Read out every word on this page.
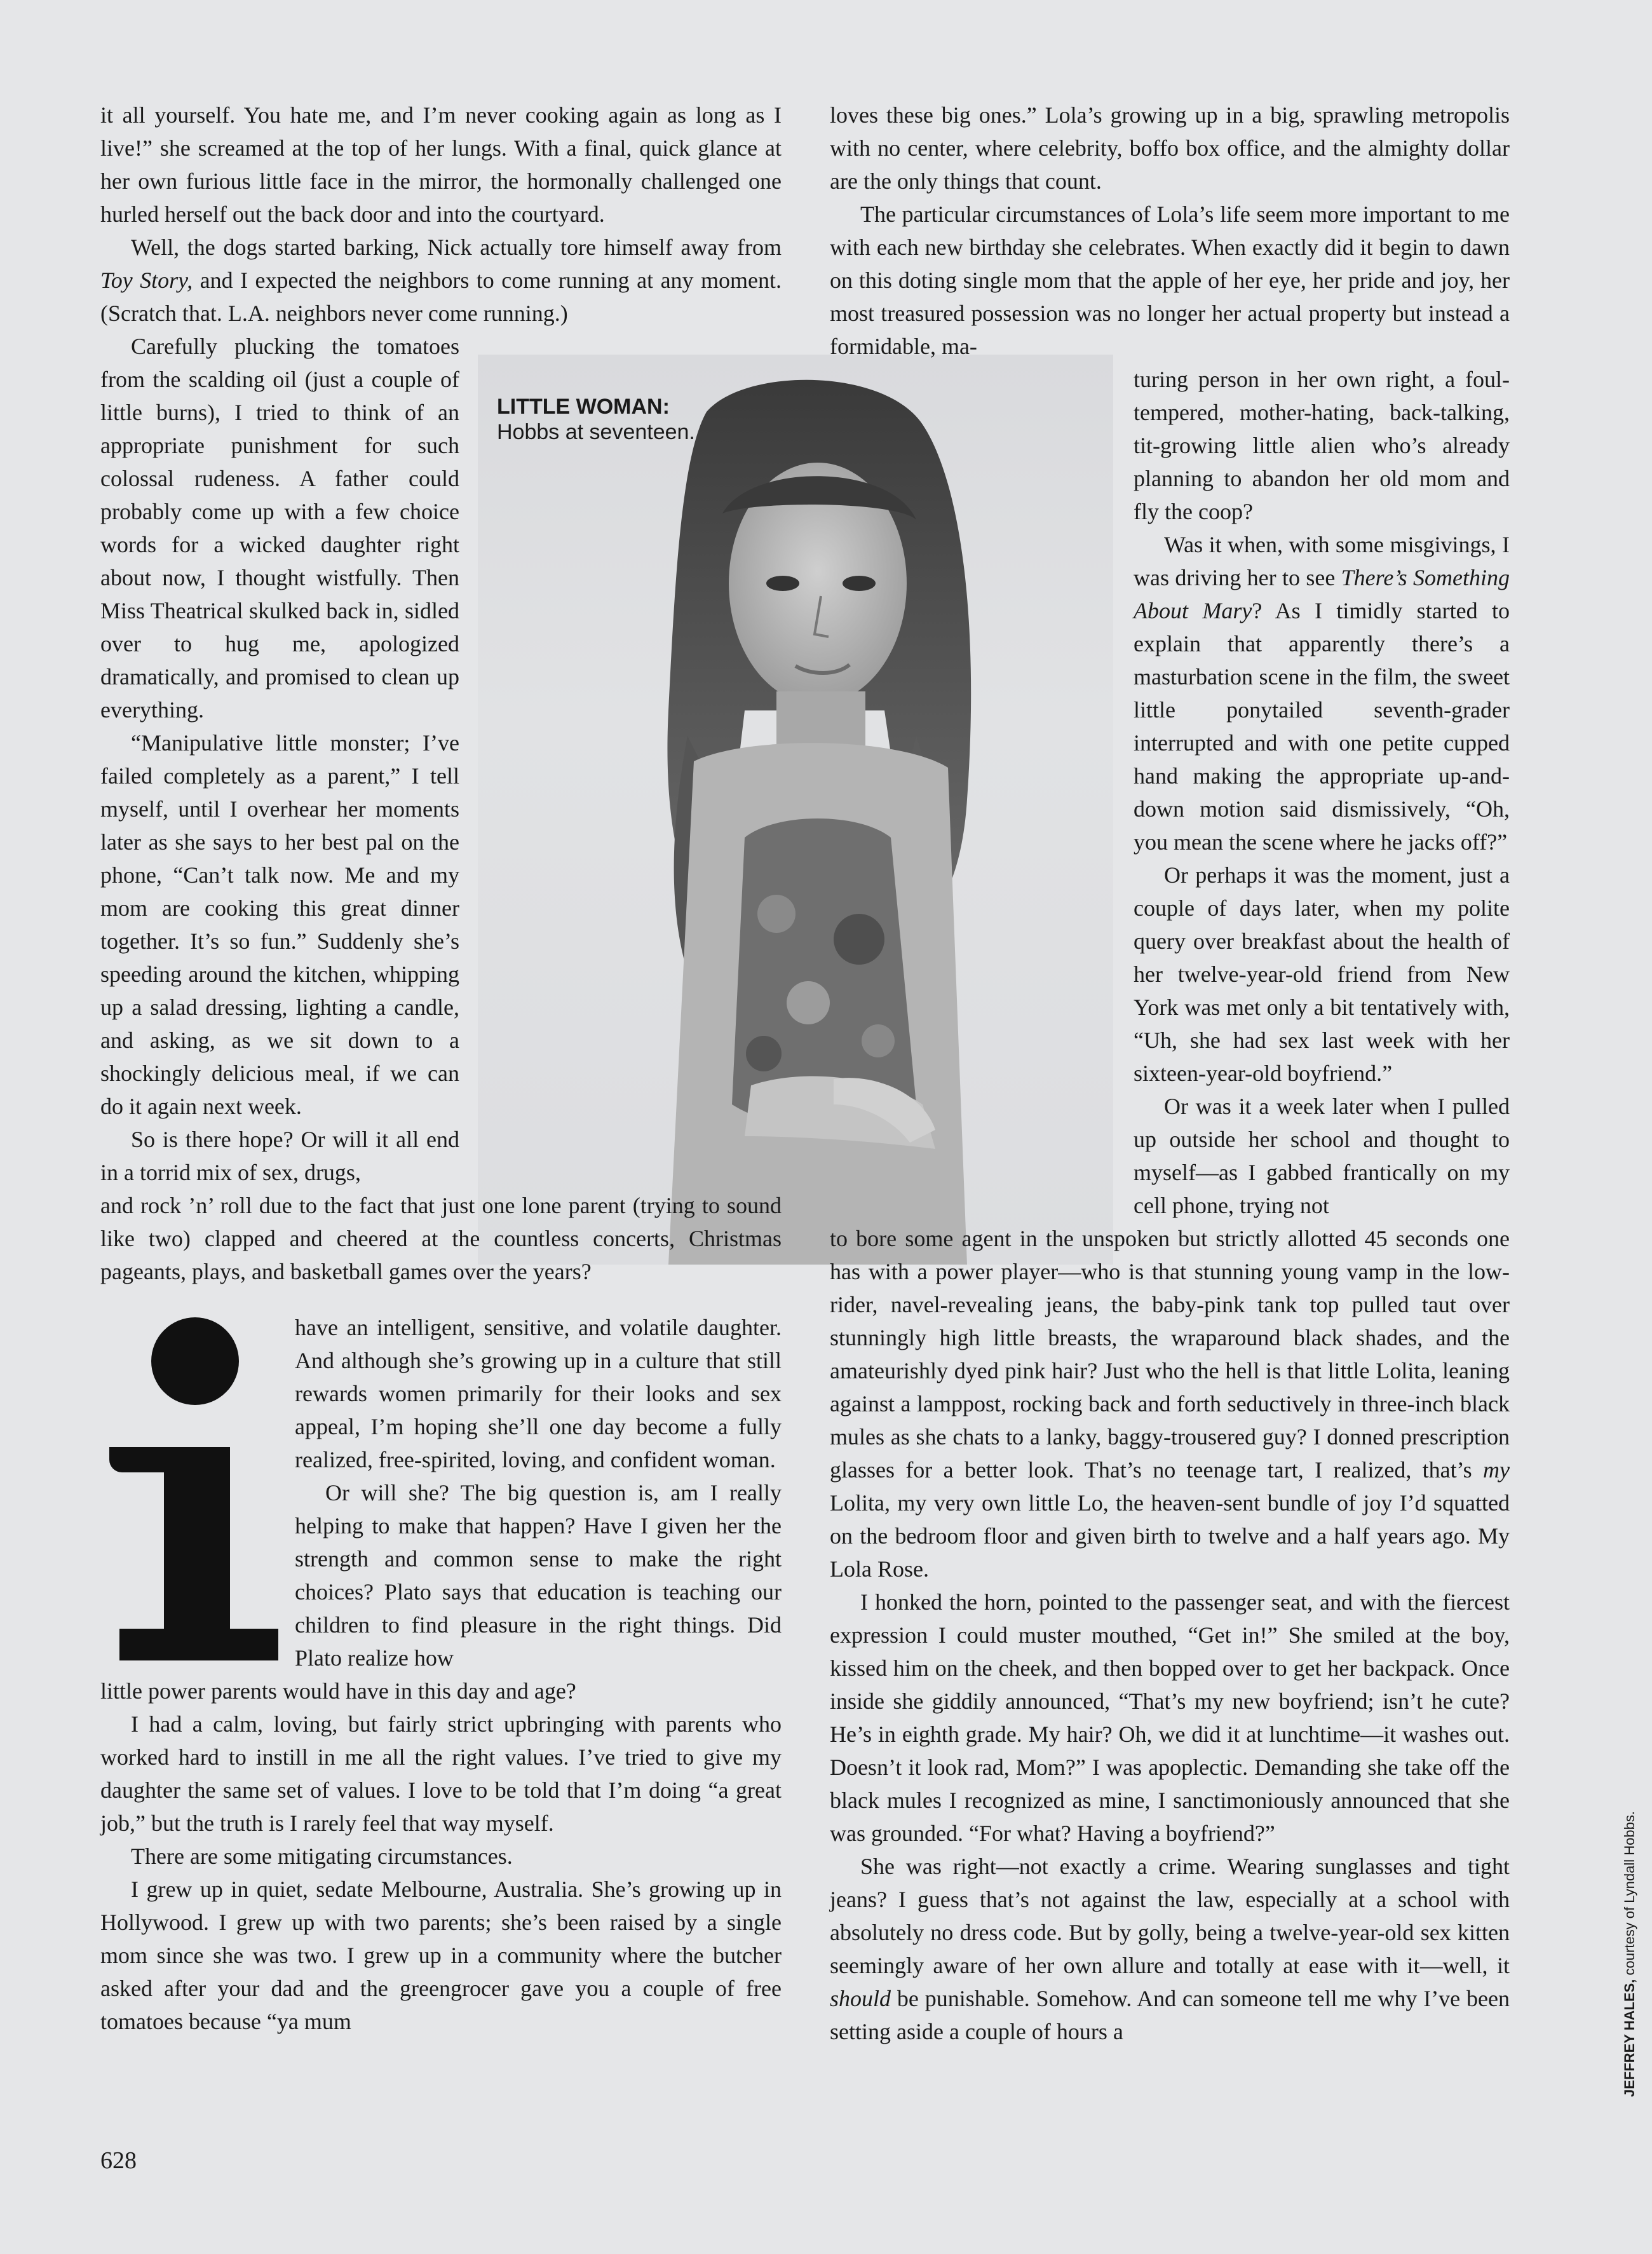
LITTLE WOMAN:
Hobbs at seventeen.

it all yourself. You hate me, and I’m never cooking again as long as I live!” she screamed at the top of her lungs. With a final, quick glance at her own furious little face in the mirror, the hormonally challenged one hurled herself out the back door and into the courtyard.

Well, the dogs started barking, Nick actually tore himself away from Toy Story, and I expected the neighbors to come running at any moment. (Scratch that. L.A. neighbors never come running.)

Carefully plucking the tomatoes from the scalding oil (just a couple of little burns), I tried to think of an appropriate punishment for such colossal rudeness. A father could probably come up with a few choice words for a wicked daughter right about now, I thought wistfully. Then Miss Theatrical skulked back in, sidled over to hug me, apologized dramatically, and promised to clean up everything.

“Manipulative little monster; I’ve failed completely as a parent,” I tell myself, until I overhear her moments later as she says to her best pal on the phone, “Can’t talk now. Me and my mom are cooking this great dinner together. It’s so fun.” Suddenly she’s speeding around the kitchen, whipping up a salad dressing, lighting a candle, and asking, as we sit down to a shockingly delicious meal, if we can do it again next week.

So is there hope? Or will it all end in a torrid mix of sex, drugs,

and rock ’n’ roll due to the fact that just one lone parent (trying to sound like two) clapped and cheered at the countless concerts, Christmas pageants, plays, and basketball games over the years?

have an intelligent, sensitive, and volatile daughter. And although she’s growing up in a culture that still rewards women primarily for their looks and sex appeal, I’m hoping she’ll one day become a fully realized, free-spirited, loving, and confident woman.

Or will she? The big question is, am I really helping to make that happen? Have I given her the strength and common sense to make the right choices? Plato says that education is teaching our children to find pleasure in the right things. Did Plato realize how

little power parents would have in this day and age?

I had a calm, loving, but fairly strict upbringing with parents who worked hard to instill in me all the right values. I’ve tried to give my daughter the same set of values. I love to be told that I’m doing “a great job,” but the truth is I rarely feel that way myself.

There are some mitigating circumstances.

I grew up in quiet, sedate Melbourne, Australia. She’s growing up in Hollywood. I grew up with two parents; she’s been raised by a single mom since she was two. I grew up in a community where the butcher asked after your dad and the greengrocer gave you a couple of free tomatoes because “ya mum

loves these big ones.” Lola’s growing up in a big, sprawling metropolis with no center, where celebrity, boffo box office, and the almighty dollar are the only things that count.

The particular circumstances of Lola’s life seem more important to me with each new birthday she celebrates. When exactly did it begin to dawn on this doting single mom that the apple of her eye, her pride and joy, her most treasured possession was no longer her actual property but instead a formidable, ma-

turing person in her own right, a foul-tempered, mother-hating, back-talking, tit-growing little alien who’s already planning to abandon her old mom and fly the coop?

Was it when, with some misgivings, I was driving her to see There’s Something About Mary? As I timidly started to explain that apparently there’s a masturbation scene in the film, the sweet little ponytailed seventh-grader interrupted and with one petite cupped hand making the appropriate up-and-down motion said dismissively, “Oh, you mean the scene where he jacks off?”

Or perhaps it was the moment, just a couple of days later, when my polite query over breakfast about the health of her twelve-year-old friend from New York was met only a bit tentatively with, “Uh, she had sex last week with her sixteen-year-old boyfriend.”

Or was it a week later when I pulled up outside her school and thought to myself—as I gabbed frantically on my cell phone, trying not

to bore some agent in the unspoken but strictly allotted 45 seconds one has with a power player—who is that stunning young vamp in the low-rider, navel-revealing jeans, the baby-pink tank top pulled taut over stunningly high little breasts, the wraparound black shades, and the amateurishly dyed pink hair? Just who the hell is that little Lolita, leaning against a lamppost, rocking back and forth seductively in three-inch black mules as she chats to a lanky, baggy-trousered guy? I donned prescription glasses for a better look. That’s no teenage tart, I realized, that’s my Lolita, my very own little Lo, the heaven-sent bundle of joy I’d squatted on the bedroom floor and given birth to twelve and a half years ago. My Lola Rose.

I honked the horn, pointed to the passenger seat, and with the fiercest expression I could muster mouthed, “Get in!” She smiled at the boy, kissed him on the cheek, and then bopped over to get her backpack. Once inside she giddily announced, “That’s my new boyfriend; isn’t he cute? He’s in eighth grade. My hair? Oh, we did it at lunchtime—it washes out. Doesn’t it look rad, Mom?” I was apoplectic. Demanding she take off the black mules I recognized as mine, I sanctimoniously announced that she was grounded. “For what? Having a boyfriend?”

She was right—not exactly a crime. Wearing sunglasses and tight jeans? I guess that’s not against the law, especially at a school with absolutely no dress code. But by golly, being a twelve-year-old sex kitten seemingly aware of her own allure and totally at ease with it—well, it should be punishable. Somehow. And can someone tell me why I’ve been setting aside a couple of hours a

628
JEFFREY HALES, courtesy of Lyndall Hobbs.
